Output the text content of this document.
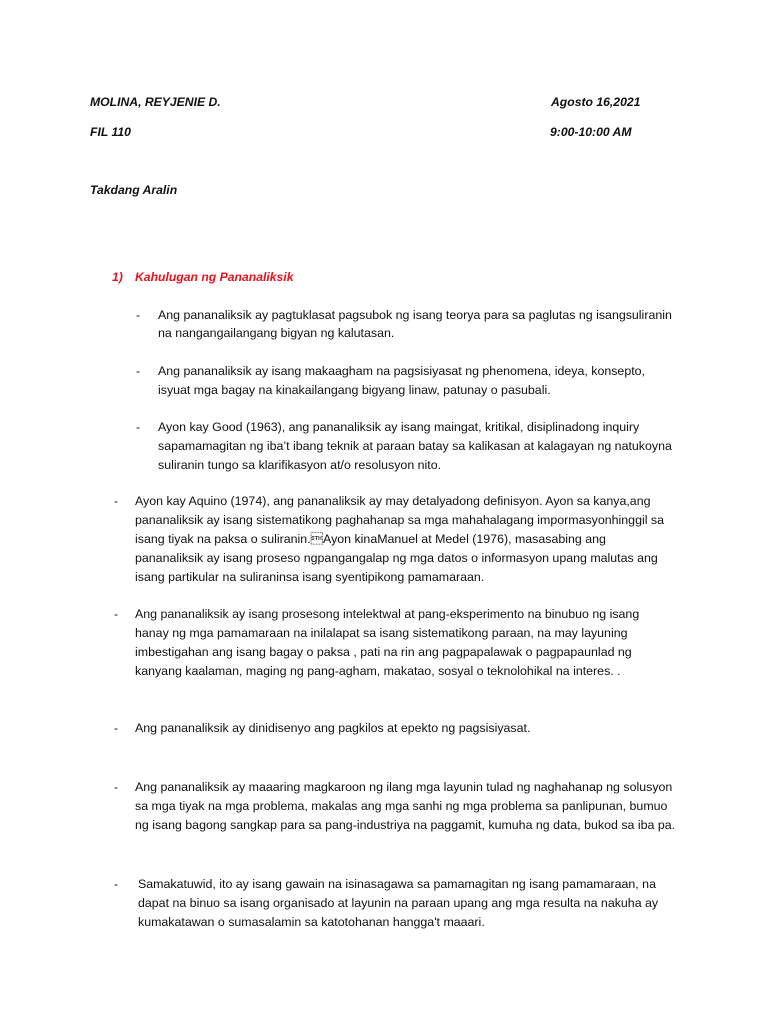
MOLINA, REYJENIE D.	Agosto 16,2021
FIL 110	9:00-10:00 AM
Takdang Aralin
1) Kahulugan ng Pananaliksik
- Ang pananaliksik ay pagtuklasat pagsubok ng isang teorya para sa paglutas ng isangsuliranin
na nangangailangang bigyan ng kalutasan.
- Ang pananaliksik ay isang makaagham na pagsisiyasat ng phenomena, ideya, konsepto,
isyuat mga bagay na kinakailangang bigyang linaw, patunay o pasubali.
- Ayon kay Good (1963), ang pananaliksik ay isang maingat, kritikal, disiplinadong inquiry
sapamamagitan ng iba’t ibang teknik at paraan batay sa kalikasan at kalagayan ng natukoyna
suliranin tungo sa klarifikasyon at/o resolusyon nito.
- Ayon kay Aquino (1974), ang pananaliksik ay may detalyadong definisyon. Ayon sa kanya,ang
pananaliksik ay isang sistematikong paghahanap sa mga mahahalagang impormasyonhinggil sa
isang tiyak na paksa o suliranin.Ayon kinaManuel at Medel (1976), masasabing ang
pananaliksik ay isang proseso ngpangangalap ng mga datos o informasyon upang malutas ang
isang partikular na suliraninsa isang syentipikong pamamaraan.
- Ang pananaliksik ay isang prosesong intelektwal at pang-eksperimento na binubuo ng isang
hanay ng mga pamamaraan na inilalapat sa isang sistematikong paraan, na may layuning
imbestigahan ang isang bagay o paksa , pati na rin ang pagpapalawak o pagpapaunlad ng
kanyang kaalaman, maging ng pang-agham, makatao, sosyal o teknolohikal na interes. .
- Ang pananaliksik ay dinidisenyo ang pagkilos at epekto ng pagsisiyasat.
- Ang pananaliksik ay maaaring magkaroon ng ilang mga layunin tulad ng naghahanap ng solusyon
sa mga tiyak na mga problema, makalas ang mga sanhi ng mga problema sa panlipunan, bumuo
ng isang bagong sangkap para sa pang-industriya na paggamit, kumuha ng data, bukod sa iba pa.
- Samakatuwid, ito ay isang gawain na isinasagawa sa pamamagitan ng isang pamamaraan, na
dapat na binuo sa isang organisado at layunin na paraan upang ang mga resulta na nakuha ay
kumakatawan o sumasalamin sa katotohanan hangga't maaari.
